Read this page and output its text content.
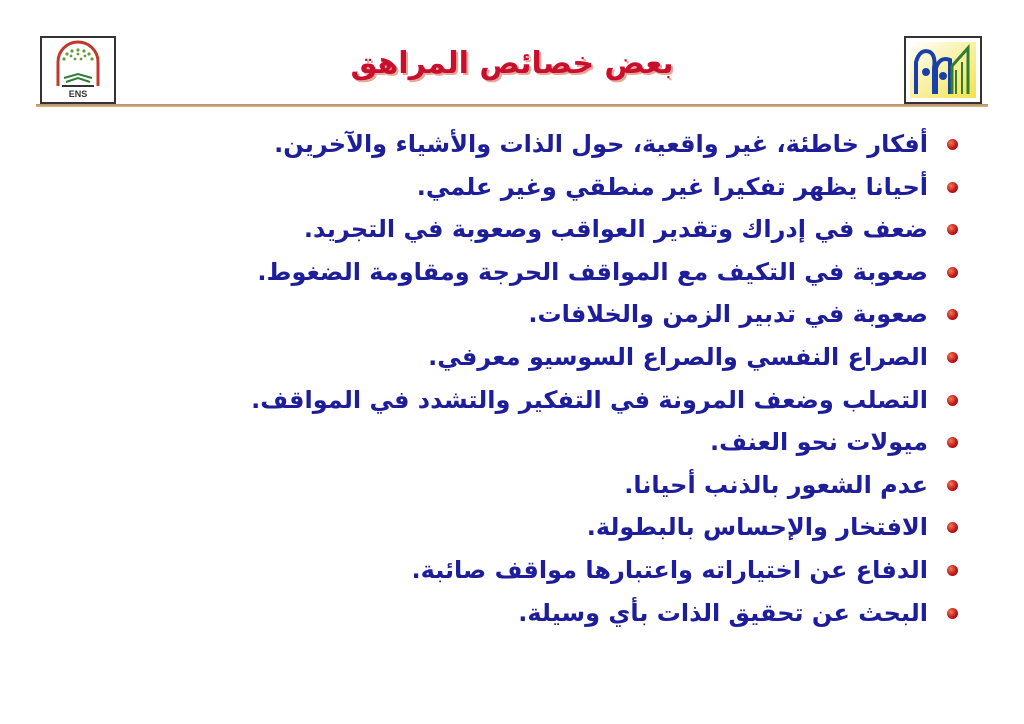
ENS
بعض خصائص المراهق
أفكار خاطئة، غير واقعية، حول الذات والأشياء والآخرين.
أحيانا يظهر تفكيرا غير منطقي وغير علمي.
ضعف في إدراك وتقدير العواقب وصعوبة في التجريد.
صعوبة في التكيف مع المواقف الحرجة ومقاومة الضغوط.
صعوبة في تدبير الزمن والخلافات.
الصراع النفسي والصراع السوسيو معرفي.
التصلب وضعف المرونة في التفكير والتشدد في المواقف.
ميولات نحو العنف.
عدم الشعور بالذنب أحيانا.
الافتخار والإحساس بالبطولة.
الدفاع عن اختياراته واعتبارها مواقف صائبة.
البحث عن تحقيق الذات بأي وسيلة.
